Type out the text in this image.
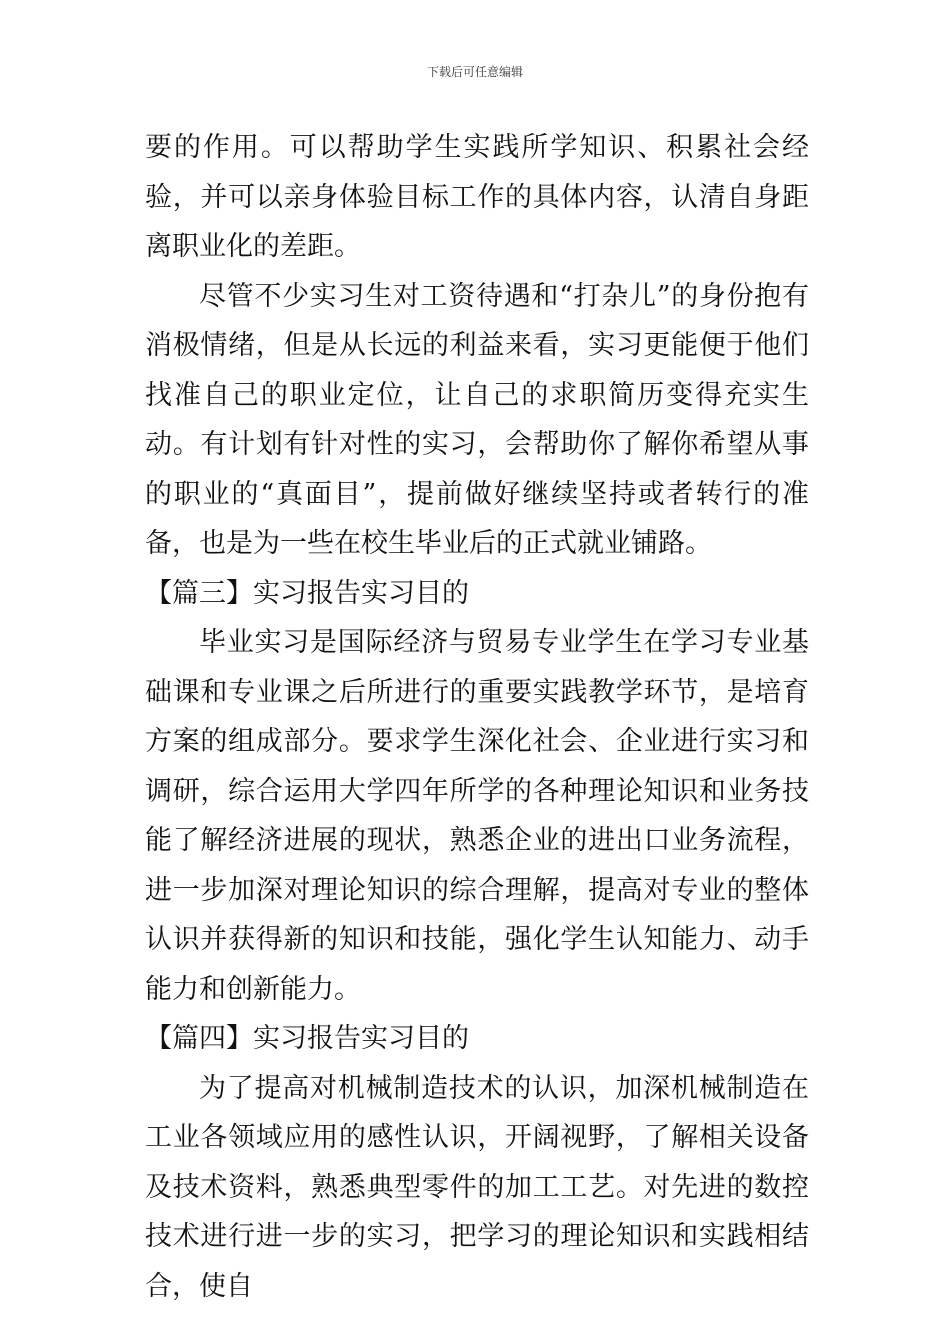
下载后可任意编辑

要的作用。可以帮助学生实践所学知识、积累社会经验，并可以亲身体验目标工作的具体内容，认清自身距离职业化的差距。

尽管不少实习生对工资待遇和“打杂儿”的身份抱有消极情绪，但是从长远的利益来看，实习更能便于他们找准自己的职业定位，让自己的求职简历变得充实生动。有计划有针对性的实习，会帮助你了解你希望从事的职业的“真面目”，提前做好继续坚持或者转行的准备，也是为一些在校生毕业后的正式就业铺路。

【篇三】实习报告实习目的

毕业实习是国际经济与贸易专业学生在学习专业基础课和专业课之后所进行的重要实践教学环节，是培育方案的组成部分。要求学生深化社会、企业进行实习和调研，综合运用大学四年所学的各种理论知识和业务技能了解经济进展的现状，熟悉企业的进出口业务流程，进一步加深对理论知识的综合理解，提高对专业的整体认识并获得新的知识和技能，强化学生认知能力、动手能力和创新能力。

【篇四】实习报告实习目的

为了提高对机械制造技术的认识，加深机械制造在工业各领域应用的感性认识，开阔视野，了解相关设备及技术资料，熟悉典型零件的加工工艺。对先进的数控技术进行进一步的实习，把学习的理论知识和实践相结合，使自
